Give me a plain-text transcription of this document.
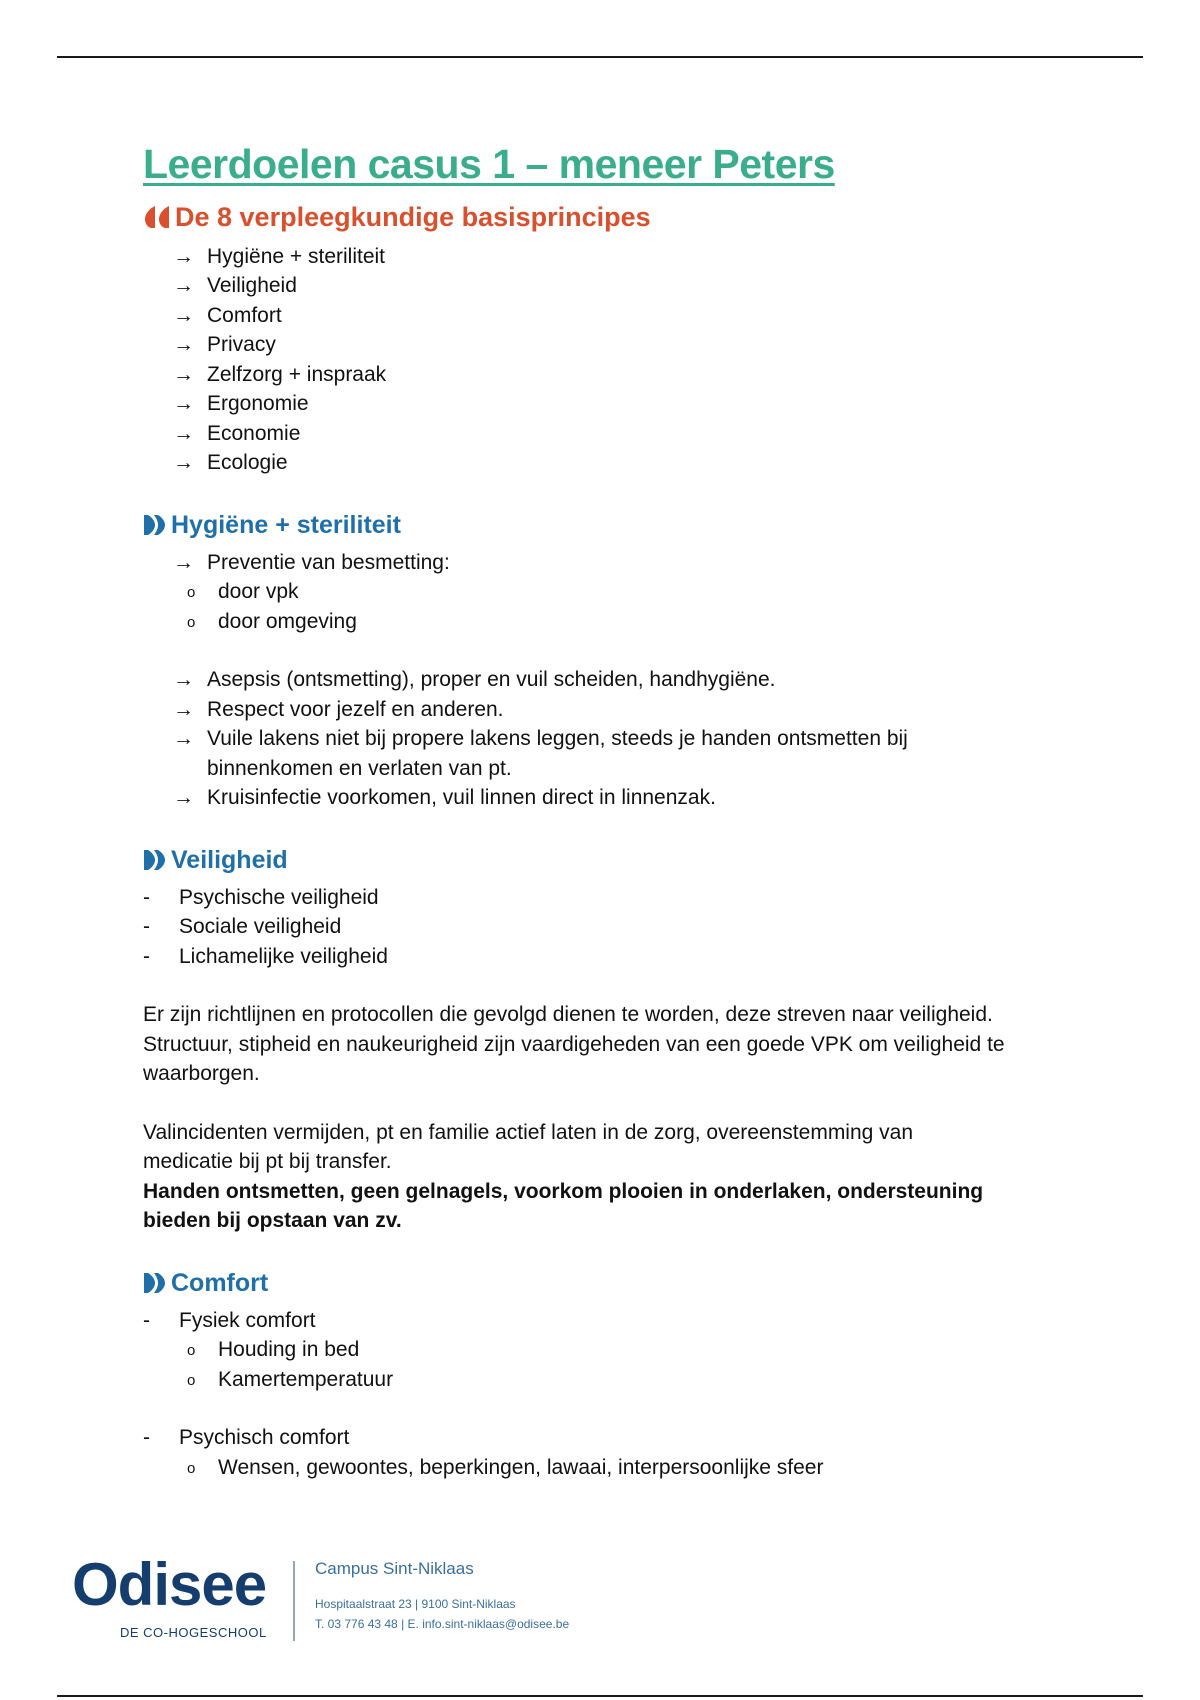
Leerdoelen casus 1 – meneer Peters
De 8 verpleegkundige basisprincipes
→ Hygiëne + steriliteit
→ Veiligheid
→ Comfort
→ Privacy
→ Zelfzorg + inspraak
→ Ergonomie
→ Economie
→ Ecologie
Hygiëne + steriliteit
→ Preventie van besmetting:
o door vpk
o door omgeving
→ Asepsis (ontsmetting), proper en vuil scheiden, handhygiëne.
→ Respect voor jezelf en anderen.
→ Vuile lakens niet bij propere lakens leggen, steeds je handen ontsmetten bij binnenkomen en verlaten van pt.
→ Kruisinfectie voorkomen, vuil linnen direct in linnenzak.
Veiligheid
- Psychische veiligheid
- Sociale veiligheid
- Lichamelijke veiligheid

Er zijn richtlijnen en protocollen die gevolgd dienen te worden, deze streven naar veiligheid. Structuur, stipheid en naukeurigheid zijn vaardigeheden van een goede VPK om veiligheid te waarborgen.

Valincidenten vermijden, pt en familie actief laten in de zorg, overeenstemming van medicatie bij pt bij transfer.

Handen ontsmetten, geen gelnagels, voorkom plooien in onderlaken, ondersteuning bieden bij opstaan van zv.

Comfort
- Fysiek comfort
o Houding in bed
o Kamertemperatuur
- Psychisch comfort
o Wensen, gewoontes, beperkingen, lawaai, interpersoonlijke sfeer
Odisee
DE CO-HOGESCHOOL
Campus Sint-Niklaas
Hospitaalstraat 23 | 9100 Sint-Niklaas
T. 03 776 43 48 | E. info.sint-niklaas@odisee.be
